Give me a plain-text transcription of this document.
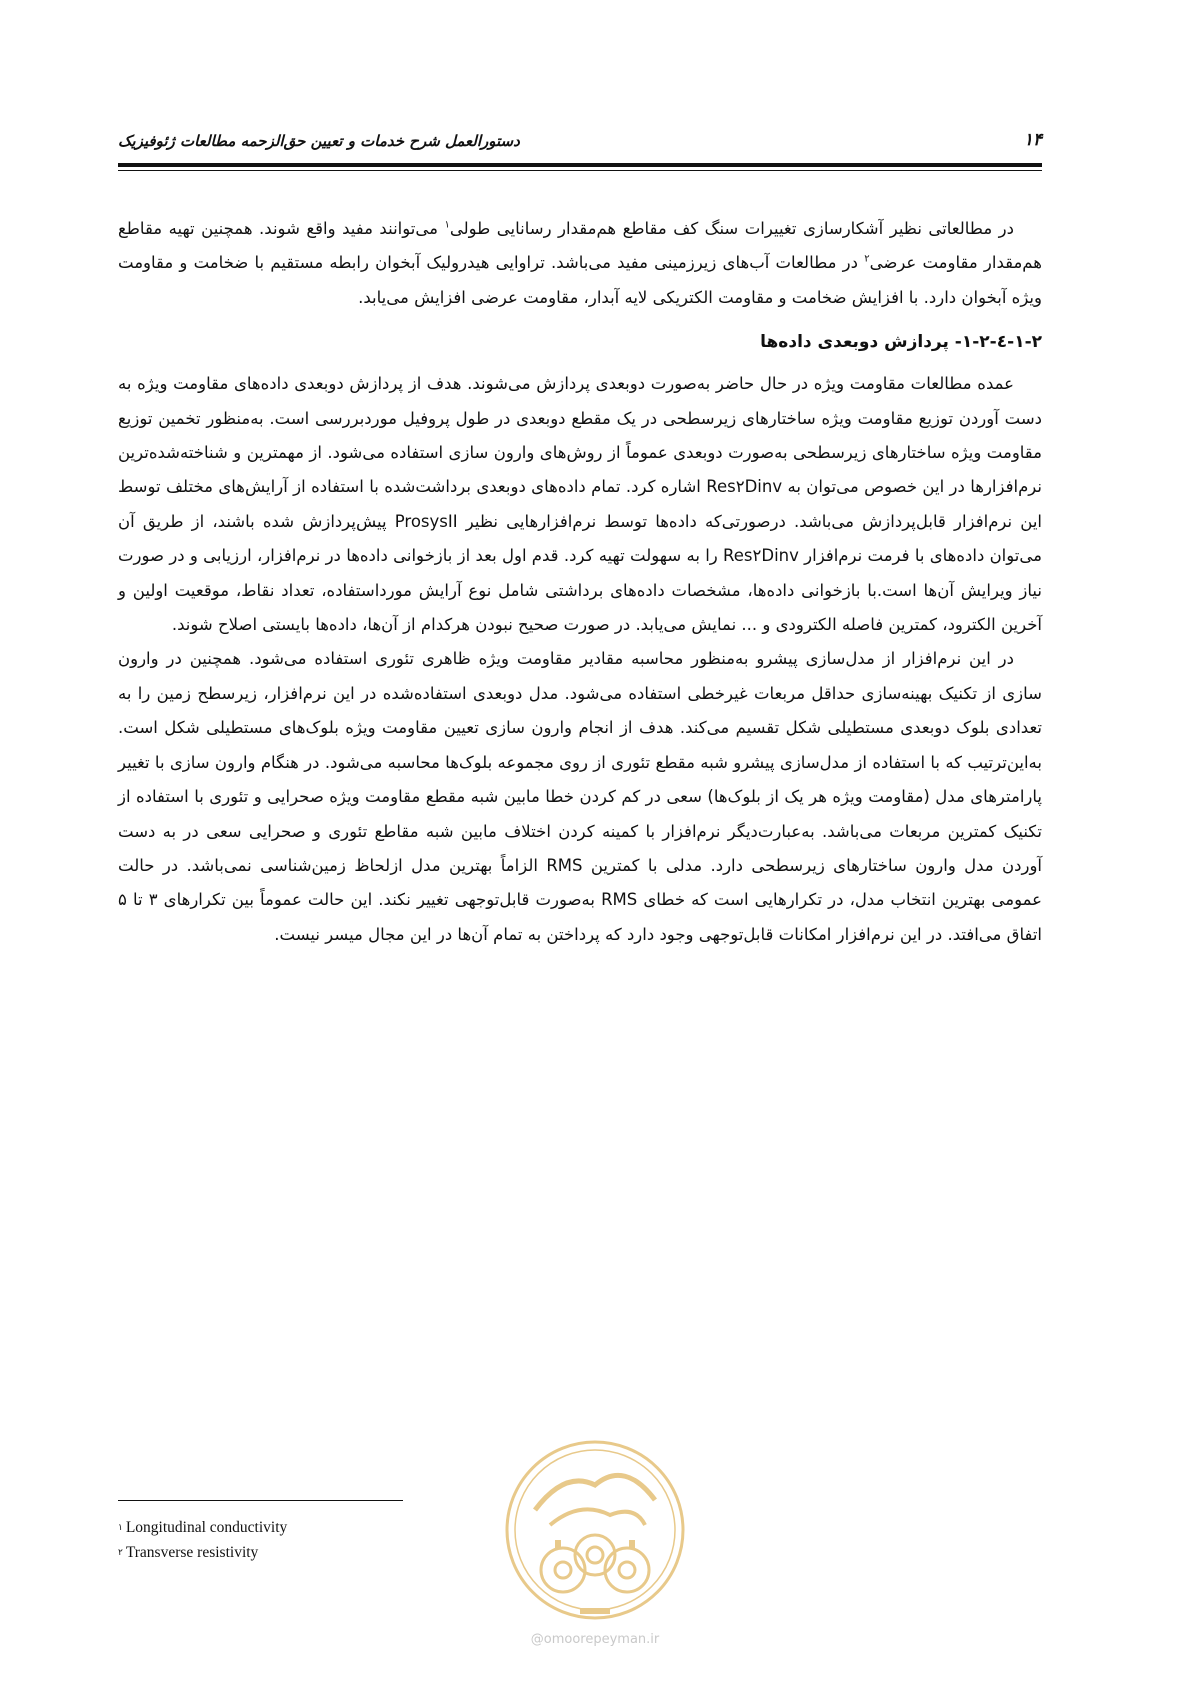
۱۴
دستورالعمل شرح خدمات و تعیین حق‌الزحمه مطالعات ژئوفیزیک

در مطالعاتی نظیر آشکارسازی تغییرات سنگ کف مقاطع هم‌مقدار رسانایی طولی$^۱$ می‌توانند مفید واقع شوند. همچنین تهیه مقاطع هم‌مقدار مقاومت عرضی$^۲$ در مطالعات آب‌های زیرزمینی مفید می‌باشد. تراوایی هیدرولیک آبخوان رابطه مستقیم با ضخامت و مقاومت ویژه آبخوان دارد. با افزایش ضخامت و مقاومت الکتریکی لایه آبدار، مقاومت عرضی افزایش می‌یابد.

۱-۲-٤-۱-۲- پردازش دوبعدی داده‌ها

عمده مطالعات مقاومت ویژه در حال حاضر به‌صورت دوبعدی پردازش می‌شوند. هدف از پردازش دوبعدی داده‌های مقاومت ویژه به دست آوردن توزیع مقاومت ویژه ساختارهای زیرسطحی در یک مقطع دوبعدی در طول پروفیل موردبررسی است. به‌منظور تخمین توزیع مقاومت ویژه ساختارهای زیرسطحی به‌صورت دوبعدی عموماً از روش‌های وارون سازی استفاده می‌شود. از مهمترین و شناخته‌شده‌ترین نرم‌افزارها در این خصوص می‌توان به Res۲Dinv اشاره کرد. تمام داده‌های دوبعدی برداشت‌شده با استفاده از آرایش‌های مختلف توسط این نرم‌افزار قابل‌پردازش می‌باشد. درصورتی‌که داده‌ها توسط نرم‌افزارهایی نظیر ProsysII پیش‌پردازش شده باشند، از طریق آن می‌توان داده‌های با فرمت نرم‌افزار Res۲Dinv را به سهولت تهیه کرد. قدم اول بعد از بازخوانی داده‌ها در نرم‌افزار، ارزیابی و در صورت نیاز ویرایش آن‌ها است.با بازخوانی داده‌ها، مشخصات داده‌های برداشتی شامل نوع آرایش مورداستفاده، تعداد نقاط، موقعیت اولین و آخرین الکترود، کمترین فاصله الکترودی و ... نمایش می‌یابد. در صورت صحیح نبودن هرکدام از آن‌ها، داده‌ها بایستی اصلاح شوند.

در این نرم‌افزار از مدل‌سازی پیشرو به‌منظور محاسبه مقادیر مقاومت ویژه ظاهری تئوری استفاده می‌شود. همچنین در وارون سازی از تکنیک بهینه‌سازی حداقل مربعات غیرخطی استفاده می‌شود. مدل دوبعدی استفاده‌شده در این نرم‌افزار، زیرسطح زمین را به تعدادی بلوک دوبعدی مستطیلی شکل تقسیم می‌کند. هدف از انجام وارون سازی تعیین مقاومت ویژه بلوک‌های مستطیلی شکل است. به‌این‌ترتیب که با استفاده از مدل‌سازی پیشرو شبه مقطع تئوری از روی مجموعه بلوک‌ها محاسبه می‌شود. در هنگام وارون سازی با تغییر پارامترهای مدل (مقاومت ویژه هر یک از بلوک‌ها) سعی در کم کردن خطا مابین شبه مقطع مقاومت ویژه صحرایی و تئوری با استفاده از تکنیک کمترین مربعات می‌باشد. به‌عبارت‌دیگر نرم‌افزار با کمینه کردن اختلاف مابین شبه مقاطع تئوری و صحرایی سعی در به دست آوردن مدل وارون ساختارهای زیرسطحی دارد. مدلی با کمترین RMS الزاماً بهترین مدل ازلحاظ زمین‌شناسی نمی‌باشد. در حالت عمومی بهترین انتخاب مدل، در تکرارهایی است که خطای RMS به‌صورت قابل‌توجهی تغییر نکند. این حالت عموماً بین تکرارهای ۳ تا ۵ اتفاق می‌افتد. در این نرم‌افزار امکانات قابل‌توجهی وجود دارد که پرداختن به تمام آن‌ها در این مجال میسر نیست.

$^۱$ Longitudinal conductivity
$^۲$ Transverse resistivity
@omoorepeyman.ir
